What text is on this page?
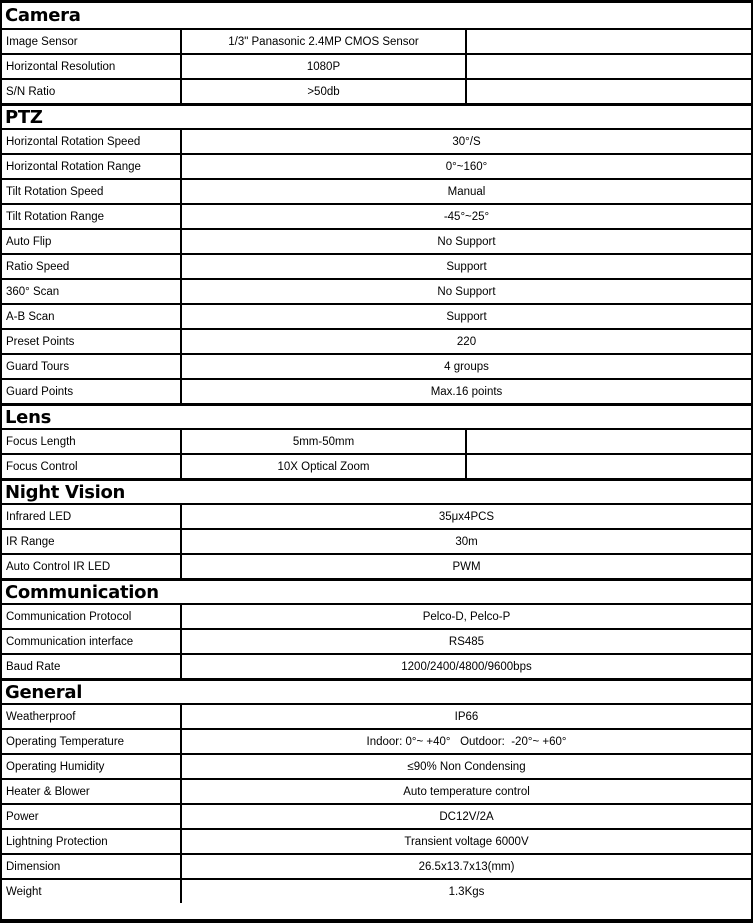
Camera
Image Sensor	1/3" Panasonic 2.4MP CMOS Sensor
Horizontal Resolution	1080P
S/N Ratio	>50db
PTZ
Horizontal Rotation Speed	30°/S
Horizontal Rotation Range	0°~160°
Tilt Rotation Speed	Manual
Tilt Rotation Range	-45°~25°
Auto Flip	No Support
Ratio Speed	Support
360° Scan	No Support
A-B Scan	Support
Preset Points	220
Guard Tours	4 groups
Guard Points	Max.16 points
Lens
Focus Length	5mm-50mm
Focus Control	10X Optical Zoom
Night Vision
Infrared LED	35μx4PCS
IR Range	30m
Auto Control IR LED	PWM
Communication
Communication Protocol	Pelco-D, Pelco-P
Communication interface	RS485
Baud Rate	1200/2400/4800/9600bps
General
Weatherproof	IP66
Operating Temperature	Indoor: 0°~ +40°   Outdoor:  -20°~ +60°
Operating Humidity	≤90% Non Condensing
Heater & Blower	Auto temperature control
Power	DC12V/2A
Lightning Protection	Transient voltage 6000V
Dimension	26.5x13.7x13(mm)
Weight	1.3Kgs
